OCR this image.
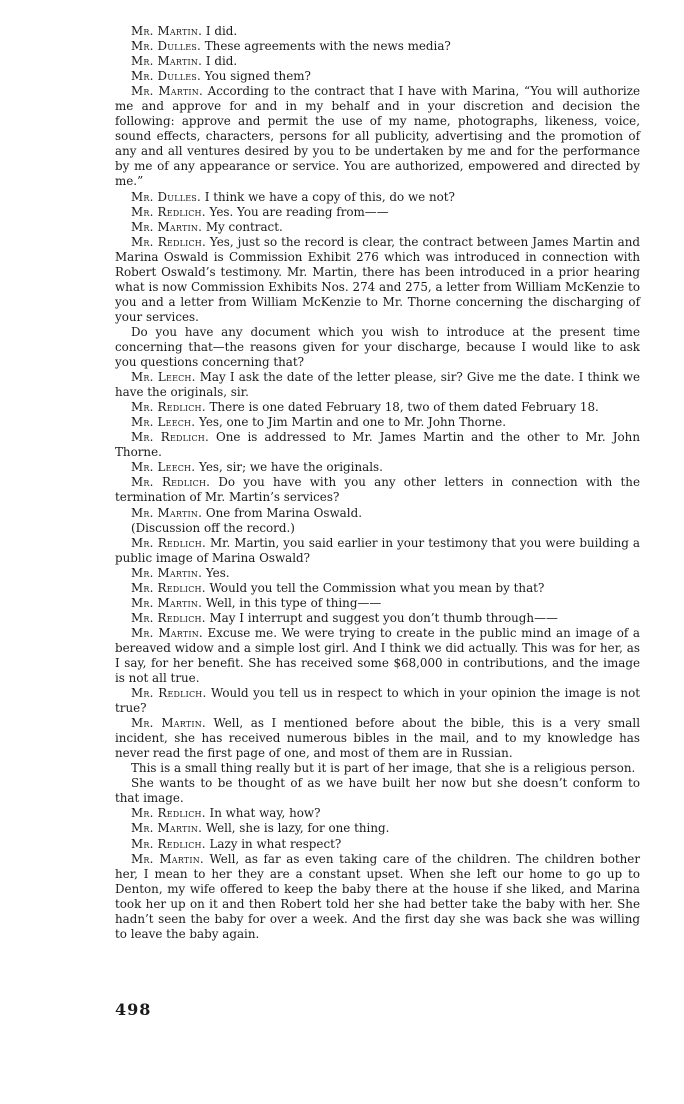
Mr. Martin. I did.

Mr. Dulles. These agreements with the news media?

Mr. Martin. I did.

Mr. Dulles. You signed them?

Mr. Martin. According to the contract that I have with Marina, “You will authorize me and approve for and in my behalf and in your discretion and decision the following: approve and permit the use of my name, photographs, likeness, voice, sound effects, characters, persons for all publicity, advertising and the promotion of any and all ventures desired by you to be undertaken by me and for the performance by me of any appearance or service. You are authorized, empowered and directed by me.”

Mr. Dulles. I think we have a copy of this, do we not?

Mr. Redlich. Yes. You are reading from——

Mr. Martin. My contract.

Mr. Redlich. Yes, just so the record is clear, the contract between James Martin and Marina Oswald is Commission Exhibit 276 which was introduced in connection with Robert Oswald’s testimony. Mr. Martin, there has been introduced in a prior hearing what is now Commission Exhibits Nos. 274 and 275, a letter from William McKenzie to you and a letter from William McKenzie to Mr. Thorne concerning the discharging of your services.

Do you have any document which you wish to introduce at the present time concerning that—the reasons given for your discharge, because I would like to ask you questions concerning that?

Mr. Leech. May I ask the date of the letter please, sir? Give me the date. I think we have the originals, sir.

Mr. Redlich. There is one dated February 18, two of them dated February 18.

Mr. Leech. Yes, one to Jim Martin and one to Mr. John Thorne.

Mr. Redlich. One is addressed to Mr. James Martin and the other to Mr. John Thorne.

Mr. Leech. Yes, sir; we have the originals.

Mr. Redlich. Do you have with you any other letters in connection with the termination of Mr. Martin’s services?

Mr. Martin. One from Marina Oswald.

(Discussion off the record.)

Mr. Redlich. Mr. Martin, you said earlier in your testimony that you were building a public image of Marina Oswald?

Mr. Martin. Yes.

Mr. Redlich. Would you tell the Commission what you mean by that?

Mr. Martin. Well, in this type of thing——

Mr. Redlich. May I interrupt and suggest you don’t thumb through——

Mr. Martin. Excuse me. We were trying to create in the public mind an image of a bereaved widow and a simple lost girl. And I think we did actually. This was for her, as I say, for her benefit. She has received some $68,000 in contributions, and the image is not all true.

Mr. Redlich. Would you tell us in respect to which in your opinion the image is not true?

Mr. Martin. Well, as I mentioned before about the bible, this is a very small incident, she has received numerous bibles in the mail, and to my knowledge has never read the first page of one, and most of them are in Russian.

This is a small thing really but it is part of her image, that she is a religious person.

She wants to be thought of as we have built her now but she doesn’t conform to that image.

Mr. Redlich. In what way, how?

Mr. Martin. Well, she is lazy, for one thing.

Mr. Redlich. Lazy in what respect?

Mr. Martin. Well, as far as even taking care of the children. The children bother her, I mean to her they are a constant upset. When she left our home to go up to Denton, my wife offered to keep the baby there at the house if she liked, and Marina took her up on it and then Robert told her she had better take the baby with her. She hadn’t seen the baby for over a week. And the first day she was back she was willing to leave the baby again.

498
